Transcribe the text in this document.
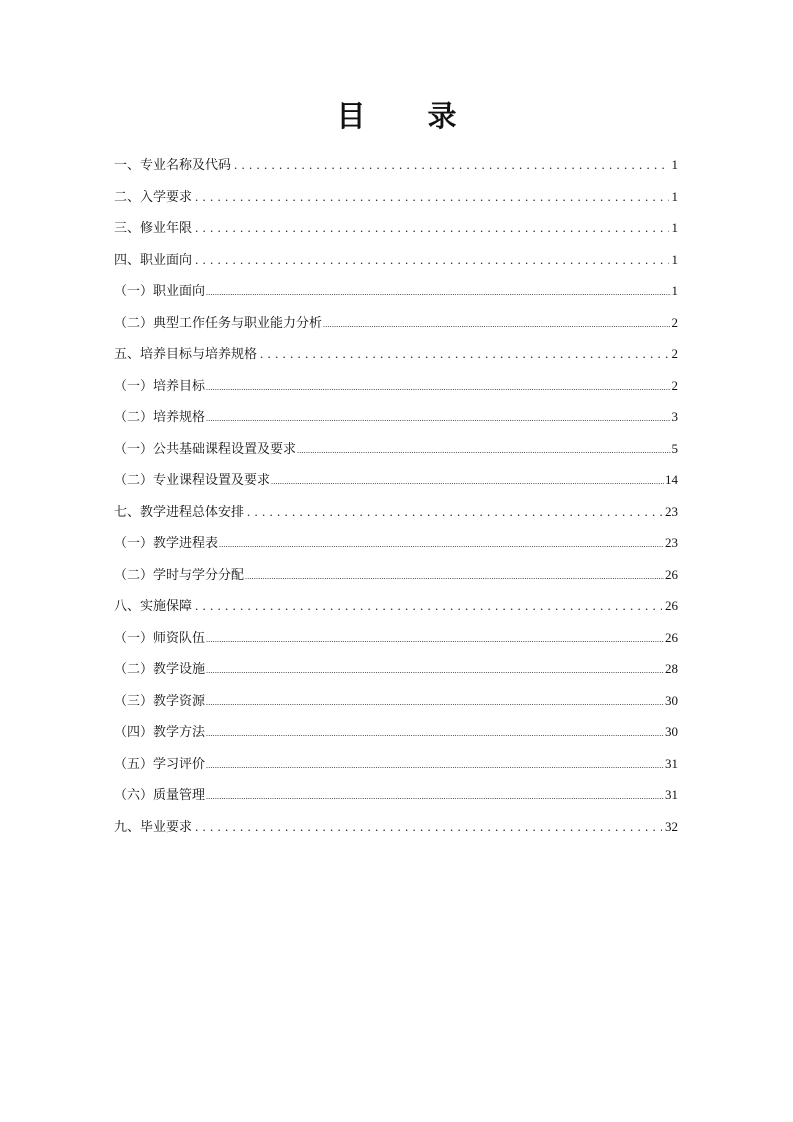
目 录
一、专业名称及代码 . . .	1
二、入学要求 . . .	1
三、修业年限 . . .	1
四、职业面向 . . .	1
（一）职业面向 .....	1
（二）典型工作任务与职业能力分析 .....	2
五、培养目标与培养规格 . . .	2
（一）培养目标 .....	2
（二）培养规格 .....	3
（一）公共基础课程设置及要求 .....	5
（二）专业课程设置及要求 .....	14
七、教学进程总体安排 . . .	23
（一）教学进程表 .....	23
（二）学时与学分分配 .....	26
八、实施保障 . . .	26
（一）师资队伍 .....	26
（二）教学设施 .....	28
（三）教学资源 .....	30
（四）教学方法 .....	30
（五）学习评价 .....	31
（六）质量管理 .....	31
九、毕业要求 . . .	32
